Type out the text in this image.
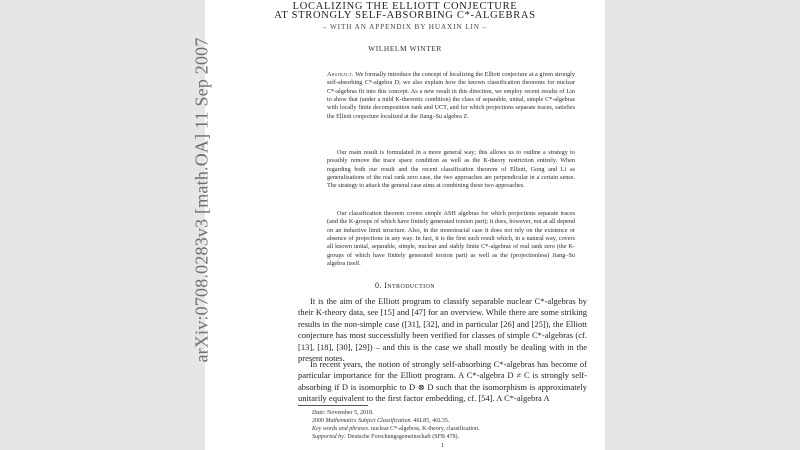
arXiv:0708.0283v3 [math.OA] 11 Sep 2007
LOCALIZING THE ELLIOTT CONJECTURE
AT STRONGLY SELF-ABSORBING C*-ALGEBRAS
– WITH AN APPENDIX BY HUAXIN LIN –
WILHELM WINTER
Abstract. We formally introduce the concept of localizing the Elliott conjecture at a given strongly self-absorbing C*-algebra D; we also explain how the known classification theorems for nuclear C*-algebras fit into this concept. As a new result in this direction, we employ recent results of Lin to show that (under a mild K-theoretic condition) the class of separable, unital, simple C*-algebras with locally finite decomposition rank and UCT, and for which projections separate traces, satisfies the Elliott conjecture localized at the Jiang–Su algebra Z.
Our main result is formulated in a more general way; this allows us to outline a strategy to possibly remove the trace space condition as well as the K-theory restriction entirely. When regarding both our result and the recent classification theorem of Elliott, Gong and Li as generalizations of the real rank zero case, the two approaches are perpendicular in a certain sense. The strategy to attack the general case aims at combining these two approaches.
Our classification theorem covers simple ASH algebras for which projections separate traces (and the K-groups of which have finitely generated torsion part); it does, however, not at all depend on an inductive limit structure. Also, in the monotracial case it does not rely on the existence or absence of projections in any way. In fact, it is the first such result which, in a natural way, covers all known unital, separable, simple, nuclear and stably finite C*-algebras of real rank zero (the K-groups of which have finitely generated torsion part) as well as the (projectionless) Jiang–Su algebra itself.
0. Introduction
It is the aim of the Elliott program to classify separable nuclear C*-algebras by their K-theory data, see [15] and [47] for an overview. While there are some striking results in the non-simple case ([31], [32], and in particular [26] and [25]), the Elliott conjecture has most successfully been verified for classes of simple C*-algebras (cf. [13], [18], [30], [29]) – and this is the case we shall mostly be dealing with in the present notes.
In recent years, the notion of strongly self-absorbing C*-algebras has become of particular importance for the Elliott program. A C*-algebra D ≠ C is strongly self-absorbing if D is isomorphic to D ⊗ D such that the isomorphism is approximately unitarily equivalent to the first factor embedding, cf. [54]. A C*-algebra A
Date: November 5, 2018.
2000 Mathematics Subject Classification. 46L85, 46L35.
Key words and phrases. nuclear C*-algebras, K-theory, classification.
Supported by: Deutsche Forschungsgemeinschaft (SFB 478).
1
